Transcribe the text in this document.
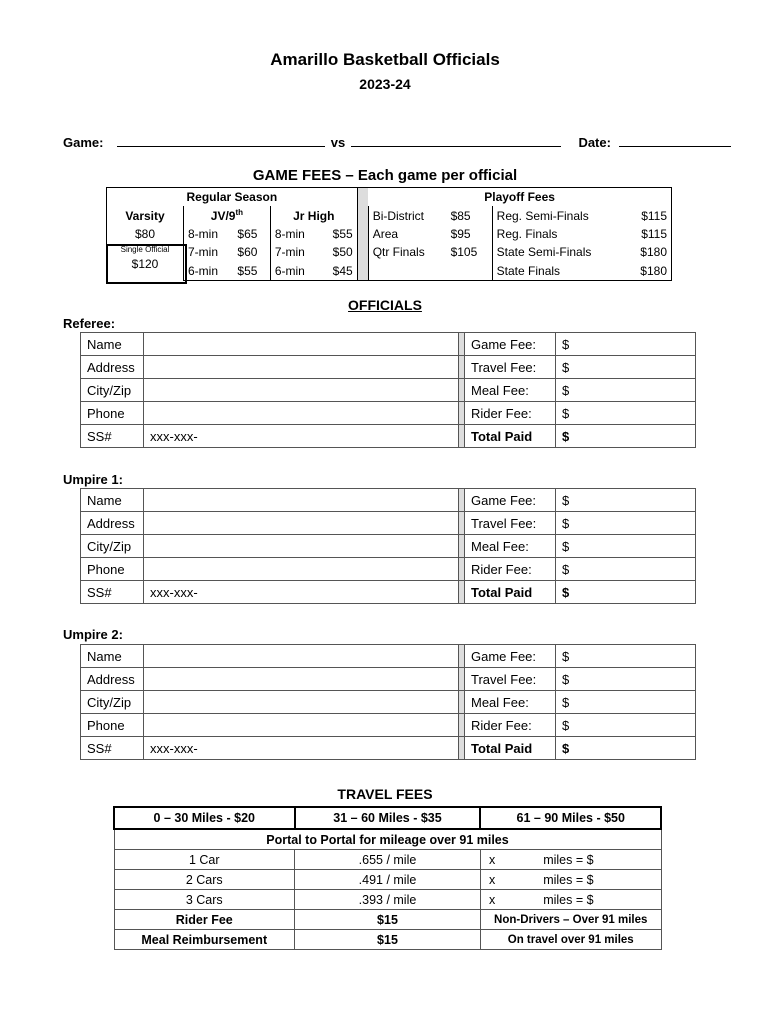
Amarillo Basketball Officials
2023-24
Game:	vs	Date:
GAME FEES – Each game per official
Regular Season						Playoff Fees			
Varsity	JV/9th		Jr High			Bi-District	$85	Reg. Semi-Finals	$115
$80	8-min	$65	8-min	$55		Area	$95	Reg. Finals	$115

Single Official
$120	7-min	$60	7-min	$50		Qtr Finals	$105	State Semi-Finals	$180
	6-min	$55	6-min	$45				State Finals	$180
OFFICIALS
Referee:
Name			Game Fee:	$
Address			Travel Fee:	$
City/Zip			Meal Fee:	$
Phone			Rider Fee:	$
SS#	xxx-xxx-		Total Paid	$
Umpire 1:
Name			Game Fee:	$
Address			Travel Fee:	$
City/Zip			Meal Fee:	$
Phone			Rider Fee:	$
SS#	xxx-xxx-		Total Paid	$
Umpire 2:
Name			Game Fee:	$
Address			Travel Fee:	$
City/Zip			Meal Fee:	$
Phone			Rider Fee:	$
SS#	xxx-xxx-		Total Paid	$
TRAVEL FEES
0 – 30 Miles - $20	31 – 60 Miles - $35	61 – 90 Miles - $50
Portal to Portal for mileage over 91 miles		
1 Car	.655 / mile	x miles = $
2 Cars	.491 / mile	x miles = $
3 Cars	.393 / mile	x miles = $
Rider Fee	$15	Non-Drivers – Over 91 miles
Meal Reimbursement	$15	On travel over 91 miles
